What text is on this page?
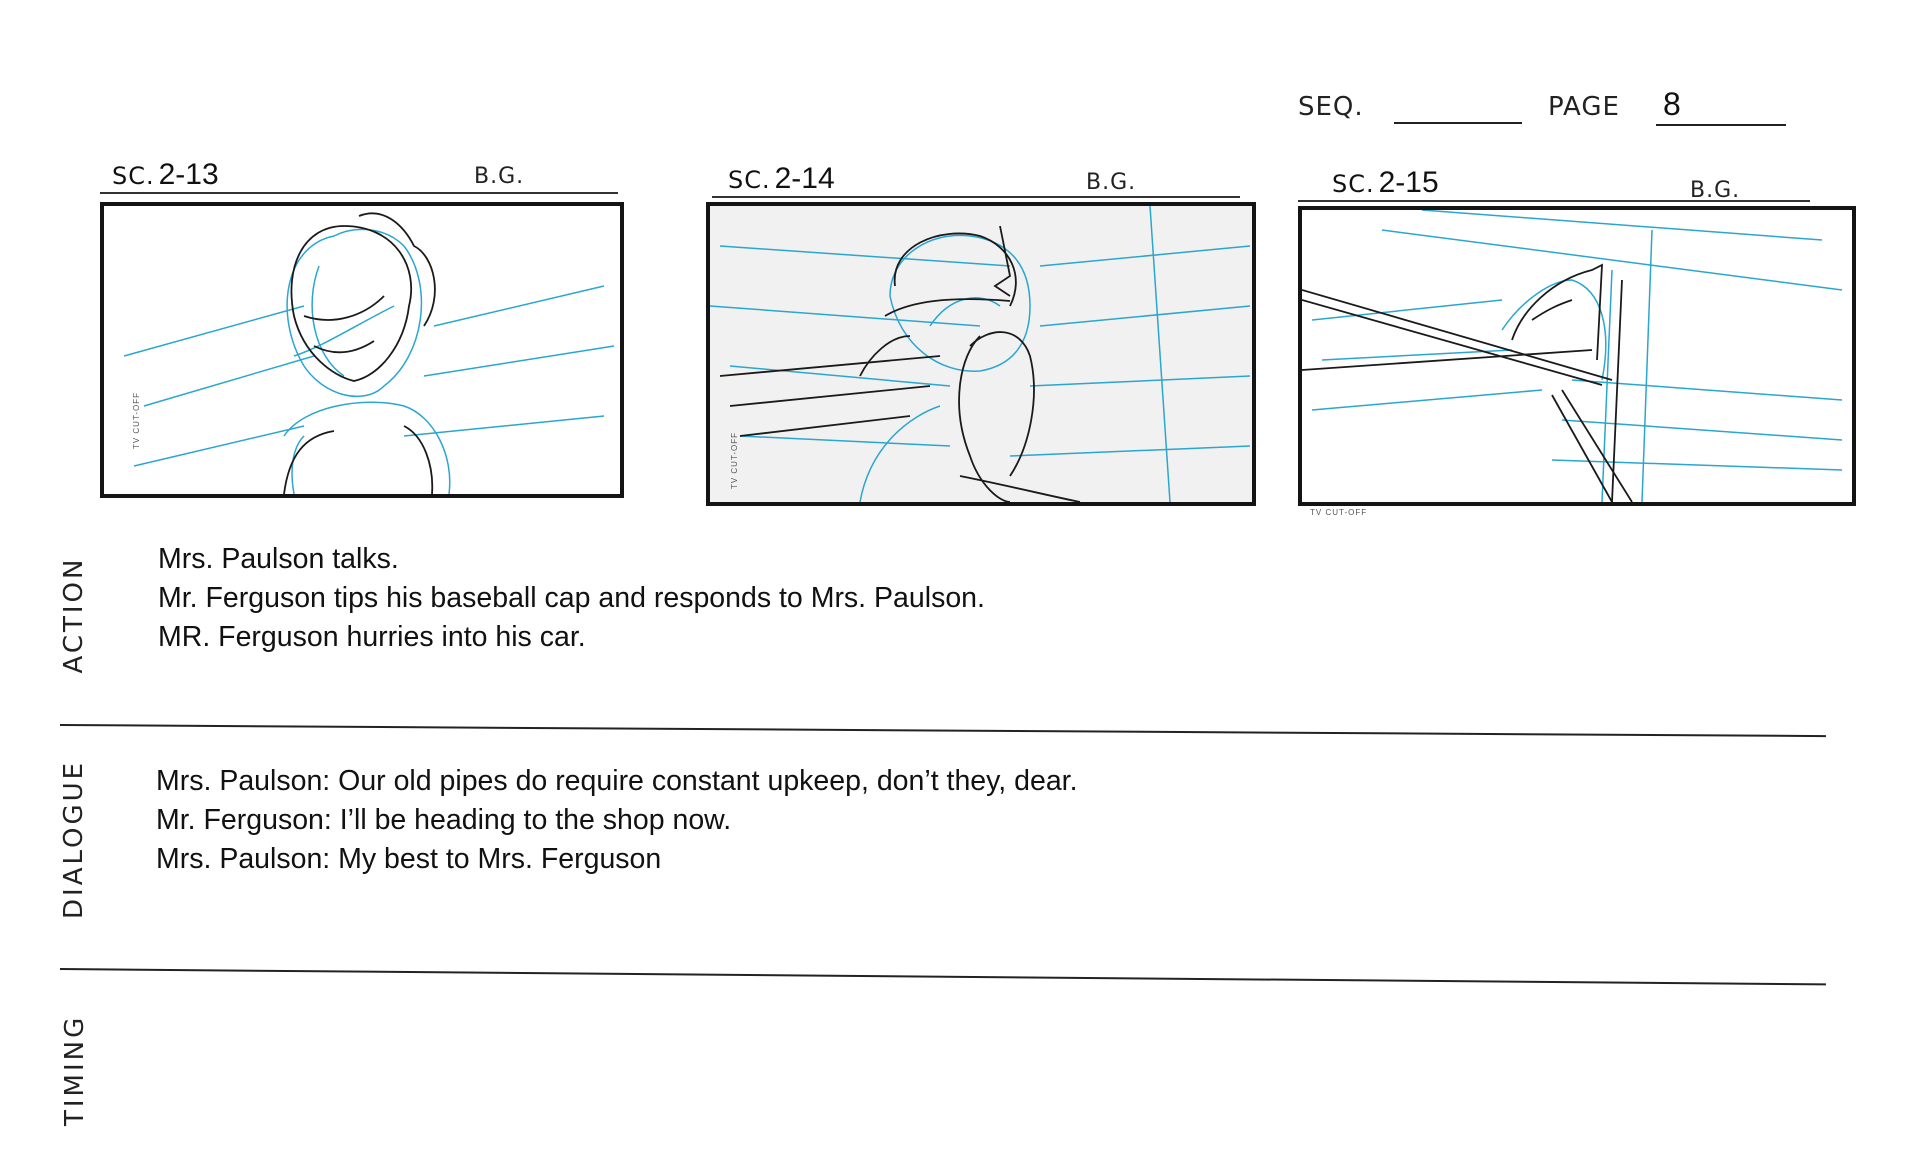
SEQ.	PAGE 8
SC. 2-13	B.G.	SC. 2-14	B.G.	SC. 2-15	B.G.
TV CUT-OFF
TV CUT-OFF
TV CUT-OFF
ACTION
DIALOGUE
TIMING
Mrs. Paulson talks.
Mr. Ferguson tips his baseball cap and responds to Mrs. Paulson.
MR. Ferguson hurries into his car.
Mrs. Paulson: Our old pipes do require constant upkeep, don’t they, dear.
Mr. Ferguson: I’ll be heading to the shop now.
Mrs. Paulson: My best to Mrs. Ferguson
